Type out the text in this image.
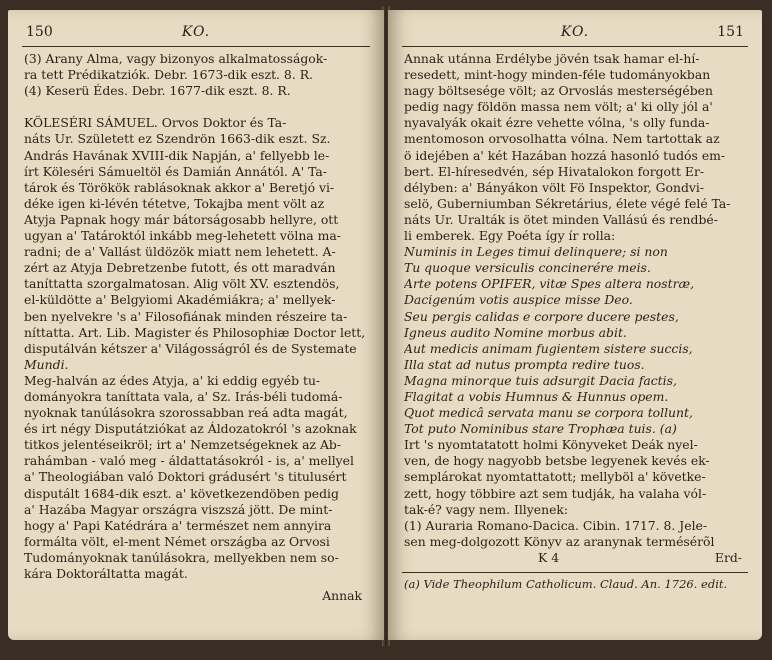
150	KO.
(3) Arany Alma, vagy bizonyos alkalmatosságok-
ra tett Prédikatziók. Debr. 1673-dik eszt. 8. R.
(4) Keserü Édes. Debr. 1677-dik eszt. 8. R.

KÖLESÉRI SÁMUEL. Orvos Doktor és Ta-
náts Ur. Született ez Szendrön 1663-dik eszt. Sz.
András Havának XVIII-dik Napján, a' fellyebb le-
írt Köleséri Sámueltöl és Damián Annától. A' Ta-
tárok és Törökök rablásoknak akkor a' Beretjó vi-
déke igen ki-lévén tétetve, Tokajba ment völt az
Atyja Papnak hogy már bátorságosabb hellyre, ott
ugyan a' Tatároktól inkább meg-lehetett völna ma-
radni; de a' Vallást üldözök miatt nem lehetett. A-
zért az Atyja Debretzenbe futott, és ott maradván
taníttatta szorgalmatosan. Alig völt XV. esztendös,
el-küldötte a' Belgyiomi Akadémiákra; a' mellyek-
ben nyelvekre 's a' Filosofiának minden részeire ta-
níttatta. Art. Lib. Magister és Philosophiæ Doctor lett,
disputálván kétszer a' Világosságról és de Systemate
Mundi.
Meg-halván az édes Atyja, a' ki eddig egyéb tu-
dományokra taníttata vala, a' Sz. Irás-béli tudomá-
nyoknak tanúlásokra szorossabban reá adta magát,
és irt négy Disputátziókat az Áldozatokról 's azoknak
titkos jelentéseikröl; irt a' Nemzetségeknek az Ab-
rahámban - való meg - áldattatásokról - is, a' mellyel
a' Theologiában való Doktori grádusért 's titulusért
disputált 1684-dik eszt. a' következendöben pedig
a' Hazába Magyar országra viszszá jött. De mint-
hogy a' Papi Katédrára a' természet nem annyira
formálta völt, el-ment Német országba az Orvosi
Tudományoknak tanúlásokra, mellyekben nem so-
kára Doktoráltatta magát.
Annak
KO.	151
Annak utánna Erdélybe jövén tsak hamar el-hí-
resedett, mint-hogy minden-féle tudományokban
nagy böltsesége völt; az Orvoslás mesterségében
pedig nagy földön massa nem völt; a' ki olly jól a'
nyavalyák okait ézre vehette vólna, 's olly funda-
mentomoson orvosolhatta vólna. Nem tartottak az
ö idejében a' két Hazában hozzá hasonló tudós em-
bert. El-híresedvén, sép Hivatalokon forgott Er-
délyben: a' Bányákon völt Fö Inspektor, Gondvi-
selö, Guberniumban Sékretárius, élete végé felé Ta-
náts Ur. Uralták is ötet minden Vallású és rendbé-
li emberek. Egy Poéta így ír rolla:
Numinis in Leges timui delinquere; si non
Tu quoque versiculis concinerére meis.
Arte potens OPIFER, vitæ Spes altera nostræ,
Dacigenúm votis auspice misse Deo.
Seu pergis calidas e corpore ducere pestes,
Igneus audito Nomine morbus abit.
Aut medicis animam fugientem sistere succis,
Illa stat ad nutus prompta redire tuos.
Magna minorque tuis adsurgit Dacia factis,
Flagitat a vobis Humnus & Hunnus opem.
Quot medicâ servata manu se corpora tollunt,
Tot puto Nominibus stare Trophæa tuis. (a)
Irt 's nyomtatatott holmi Könyveket Deák nyel-
ven, de hogy nagyobb betsbe legyenek kevés ek-
semplárokat nyomtattatott; mellyböl a' követke-
zett, hogy többire azt sem tudják, ha valaha vól-
tak-é? vagy nem. Illyenek:
(1) Auraria Romano-Dacica. Cibin. 1717. 8. Jele-
sen meg-dolgozott Könyv az aranynak termésérõl
K 4	Erd-
(a) Vide Theophilum Catholicum. Claud. An. 1726. edit.
